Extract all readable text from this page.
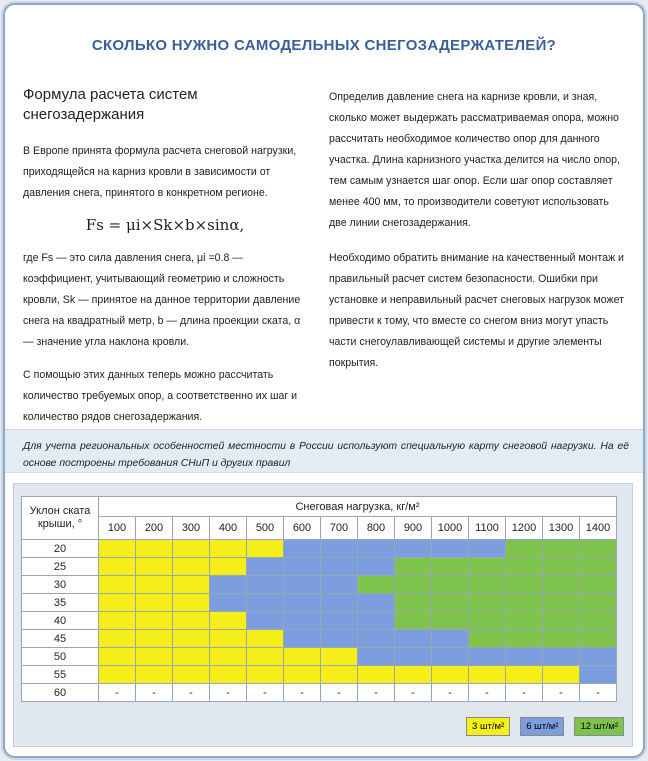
СКОЛЬКО НУЖНО САМОДЕЛЬНЫХ СНЕГОЗАДЕРЖАТЕЛЕЙ?
Формула расчета систем
снегозадержания

В Европе принята формула расчета снеговой нагрузки, приходящейся на карниз кровли в зависимости от давления снега, принятого в конкретном регионе.

Fs = μi×Sk×b×sinα,

где Fs — это сила давления снега, μi =0.8 — коэффициент, учитывающий геометрию и сложность кровли, Sk — принятое на данное территории давление снега на квадратный метр, b — длина проекции ската, α — значение угла наклона кровли.

С помощью этих данных теперь можно рассчитать количество требуемых опор, а соответственно их шаг и количество рядов снегозадержания.

Определив давление снега на карнизе кровли, и зная, сколько может выдержать рассматриваемая опора, можно рассчитать необходимое количество опор для данного участка. Длина карнизного участка делится на число опор, тем самым узнается шаг опор. Если шаг опор составляет менее 400 мм, то производители советуют использовать две линии снегозадержания.

Необходимо обратить внимание на качественный монтаж и правильный расчет систем безопасности. Ошибки при установке и неправильный расчет снеговых нагрузок может привести к тому, что вместе со снегом вниз могут упасть части снегоулавливающей системы и другие элементы покрытия.

Для учета региональных особенностей местности в России используют специальную карту снеговой нагрузки. На её основе построены требования СНиП и других правил
Уклон ската крыши, °	Снеговая нагрузка, кг/м²													
	100	200	300	400	500	600	700	800	900	1000	1100	1200	1300	1400
20														
25														
30														
35														
40														
45														
50														
55														
60	-	-	-	-	-	-	-	-	-	-	-	-	-	-
3 шт/м²	6 шт/м²	12 шт/м²
